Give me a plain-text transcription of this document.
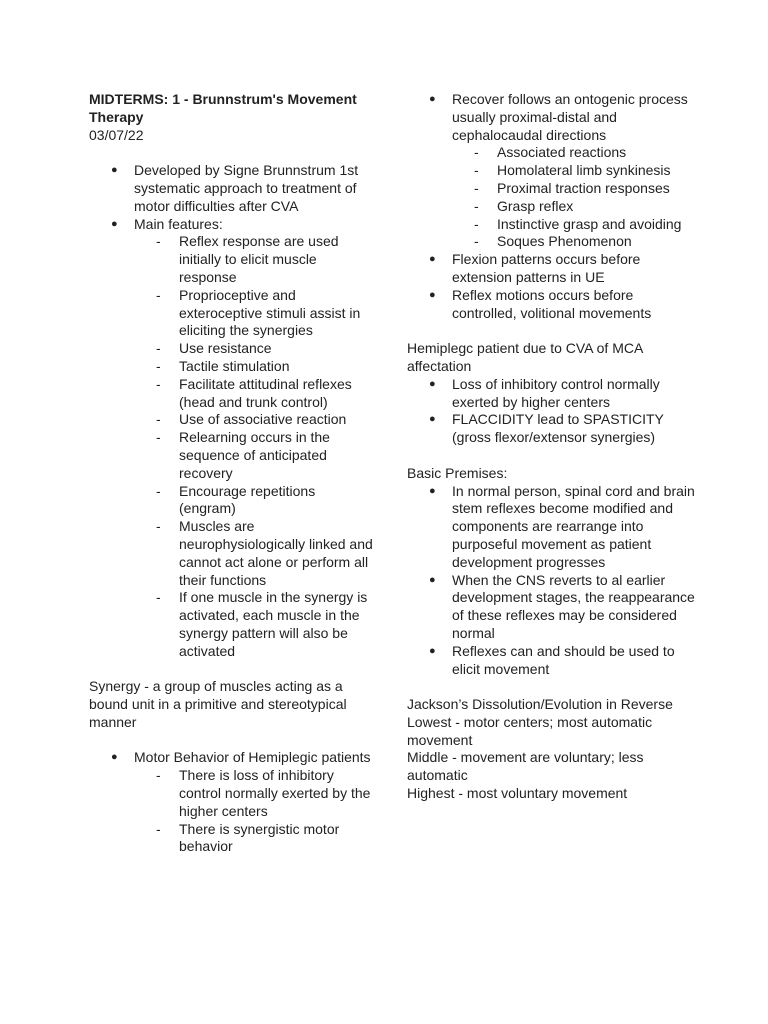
MIDTERMS: 1 - Brunnstrum's Movement Therapy

03/07/22

● Developed by Signe Brunnstrum 1st systematic approach to treatment of motor difficulties after CVA
● Main features:
- Reflex response are used initially to elicit muscle response
- Proprioceptive and exteroceptive stimuli assist in eliciting the synergies
- Use resistance
- Tactile stimulation
- Facilitate attitudinal reflexes (head and trunk control)
- Use of associative reaction
- Relearning occurs in the sequence of anticipated recovery
- Encourage repetitions (engram)
- Muscles are neurophysiologically linked and cannot act alone or perform all their functions
- If one muscle in the synergy is activated, each muscle in the synergy pattern will also be activated

Synergy - a group of muscles acting as a bound unit in a primitive and stereotypical manner

● Motor Behavior of Hemiplegic patients
- There is loss of inhibitory control normally exerted by the higher centers
- There is synergistic motor behavior
● Recover follows an ontogenic process usually proximal-distal and cephalocaudal directions
- Associated reactions
- Homolateral limb synkinesis
- Proximal traction responses
- Grasp reflex
- Instinctive grasp and avoiding
- Soques Phenomenon
● Flexion patterns occurs before extension patterns in UE
● Reflex motions occurs before controlled, volitional movements

Hemiplegc patient due to CVA of MCA affectation

● Loss of inhibitory control normally exerted by higher centers
● FLACCIDITY lead to SPASTICITY (gross flexor/extensor synergies)

Basic Premises:

● In normal person, spinal cord and brain stem reflexes become modified and components are rearrange into purposeful movement as patient development progresses
● When the CNS reverts to al earlier development stages, the reappearance of these reflexes may be considered normal
● Reflexes can and should be used to elicit movement

Jackson’s Dissolution/Evolution in Reverse

Lowest - motor centers; most automatic movement

Middle - movement are voluntary; less automatic

Highest - most voluntary movement
